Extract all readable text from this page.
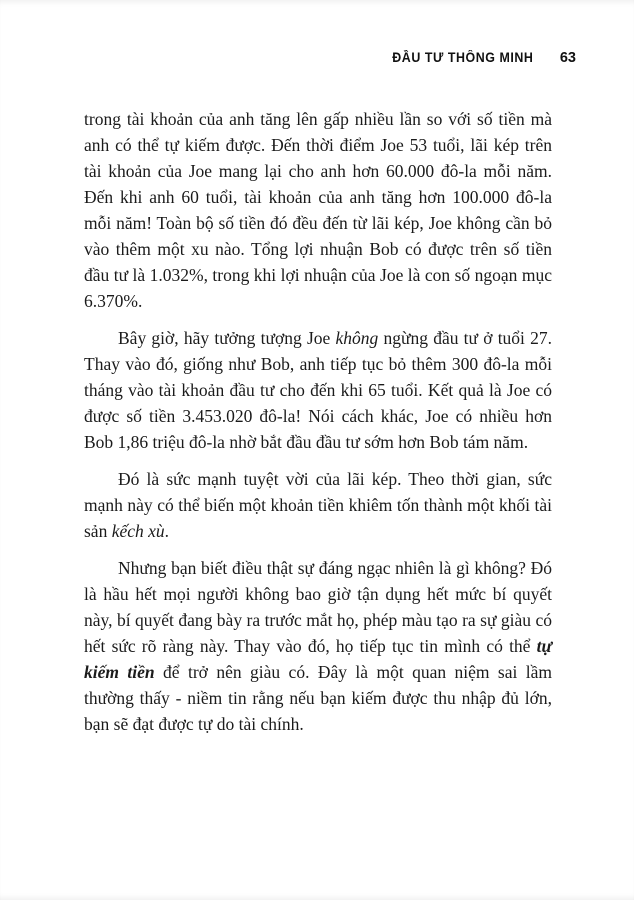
ĐẦU TƯ THÔNG MINH 63

trong tài khoản của anh tăng lên gấp nhiều lần so với số tiền mà anh có thể tự kiếm được. Đến thời điểm Joe 53 tuổi, lãi kép trên tài khoản của Joe mang lại cho anh hơn 60.000 đô-la mỗi năm. Đến khi anh 60 tuổi, tài khoản của anh tăng hơn 100.000 đô-la mỗi năm! Toàn bộ số tiền đó đều đến từ lãi kép, Joe không cần bỏ vào thêm một xu nào. Tổng lợi nhuận Bob có được trên số tiền đầu tư là 1.032%, trong khi lợi nhuận của Joe là con số ngoạn mục 6.370%.

Bây giờ, hãy tưởng tượng Joe không ngừng đầu tư ở tuổi 27. Thay vào đó, giống như Bob, anh tiếp tục bỏ thêm 300 đô-la mỗi tháng vào tài khoản đầu tư cho đến khi 65 tuổi. Kết quả là Joe có được số tiền 3.453.020 đô-la! Nói cách khác, Joe có nhiều hơn Bob 1,86 triệu đô-la nhờ bắt đầu đầu tư sớm hơn Bob tám năm.

Đó là sức mạnh tuyệt vời của lãi kép. Theo thời gian, sức mạnh này có thể biến một khoản tiền khiêm tốn thành một khối tài sản kếch xù.

Nhưng bạn biết điều thật sự đáng ngạc nhiên là gì không? Đó là hầu hết mọi người không bao giờ tận dụng hết mức bí quyết này, bí quyết đang bày ra trước mắt họ, phép màu tạo ra sự giàu có hết sức rõ ràng này. Thay vào đó, họ tiếp tục tin mình có thể tự kiếm tiền để trở nên giàu có. Đây là một quan niệm sai lầm thường thấy - niềm tin rằng nếu bạn kiếm được thu nhập đủ lớn, bạn sẽ đạt được tự do tài chính.
